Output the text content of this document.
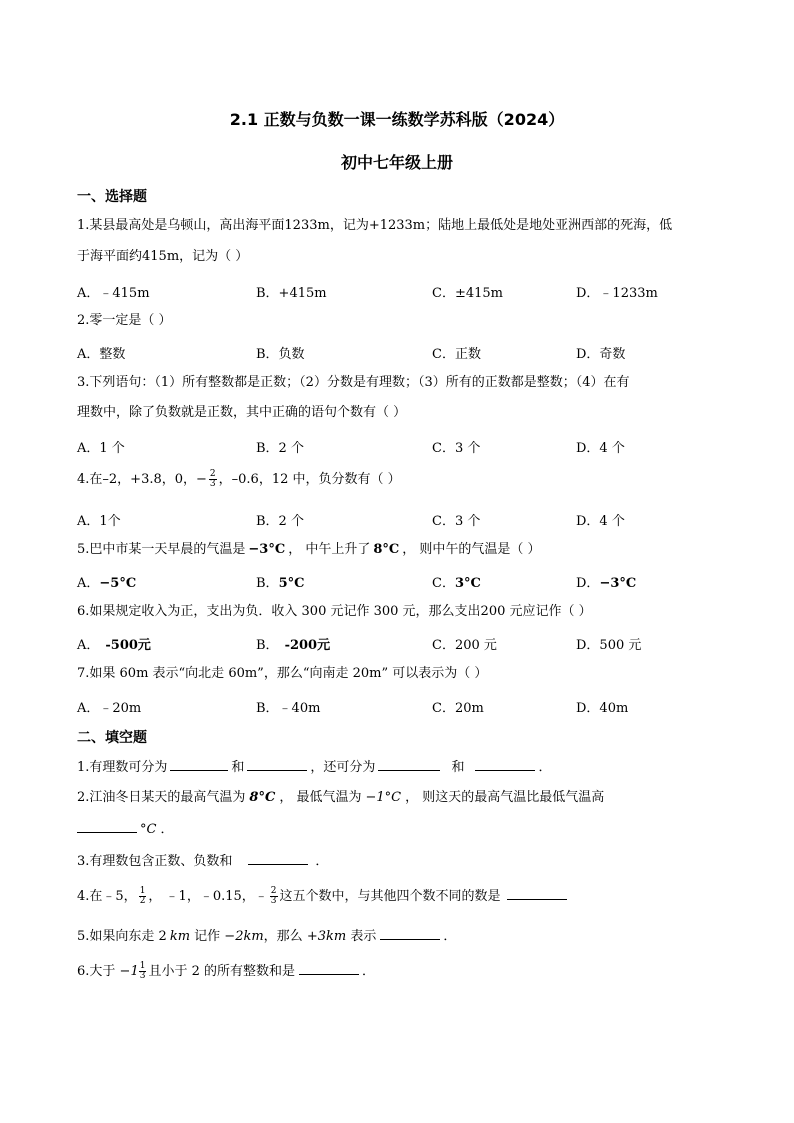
2.1 正数与负数一课一练数学苏科版（2024）
初中七年级上册
一、选择题
1.某县最高处是乌顿山，高出海平面1233m，记为+1233m；陆地上最低处是地处亚洲西部的死海，低
于海平面约415m，记为（ ）
A．﹣415m	B．+415m	C．±415m	D．﹣1233m
2.零一定是（ ）
A．整数	B．负数	C．正数	D．奇数
3.下列语句：（1）所有整数都是正数；（2）分数是有理数；（3）所有的正数都是整数；（4）在有
理数中，除了负数就是正数，其中正确的语句个数有（ ）
A．1 个	B．2 个	C．3 个	D．4 个
4.在–2，+3.8，0，− $\frac{2}{3}$ ，–0.6，12 中，负分数有（ ）
A．1个	B．2 个	C．3 个	D．4 个
5.巴中市某一天早晨的气温是 −3°C ， 中午上升了 8°C ， 则中午的气温是（ ）
A．−5°C	B．5°C	C．3°C	D．−3°C
6.如果规定收入为正，支出为负．收入 300 元记作 300 元，那么支出200 元应记作（ ）
A． -500元	B． -200元	C．200 元	D．500 元
7.如果 60m 表示“向北走 60m”，那么“向南走 20m” 可以表示为（ ）
A．﹣20m	B．﹣40m	C．20m	D．40m
二、填空题
1.有理数可分为	和	，还可分为	和	．
2.江油冬日某天的最高气温为 8°C ， 最低气温为 −1°C ， 则这天的最高气温比最低气温高
°C ．
3.有理数包含正数、负数和	．
4.在﹣5， $\frac{1}{2}$ ， ﹣1，﹣0.15，﹣ $\frac{2}{3}$ 这五个数中，与其他四个数不同的数是
5.如果向东走 2 km 记作 −2km，那么 +3km 表示	．
6.大于 $-1 \frac{1}{3}$ 且小于 2 的所有整数和是	．
